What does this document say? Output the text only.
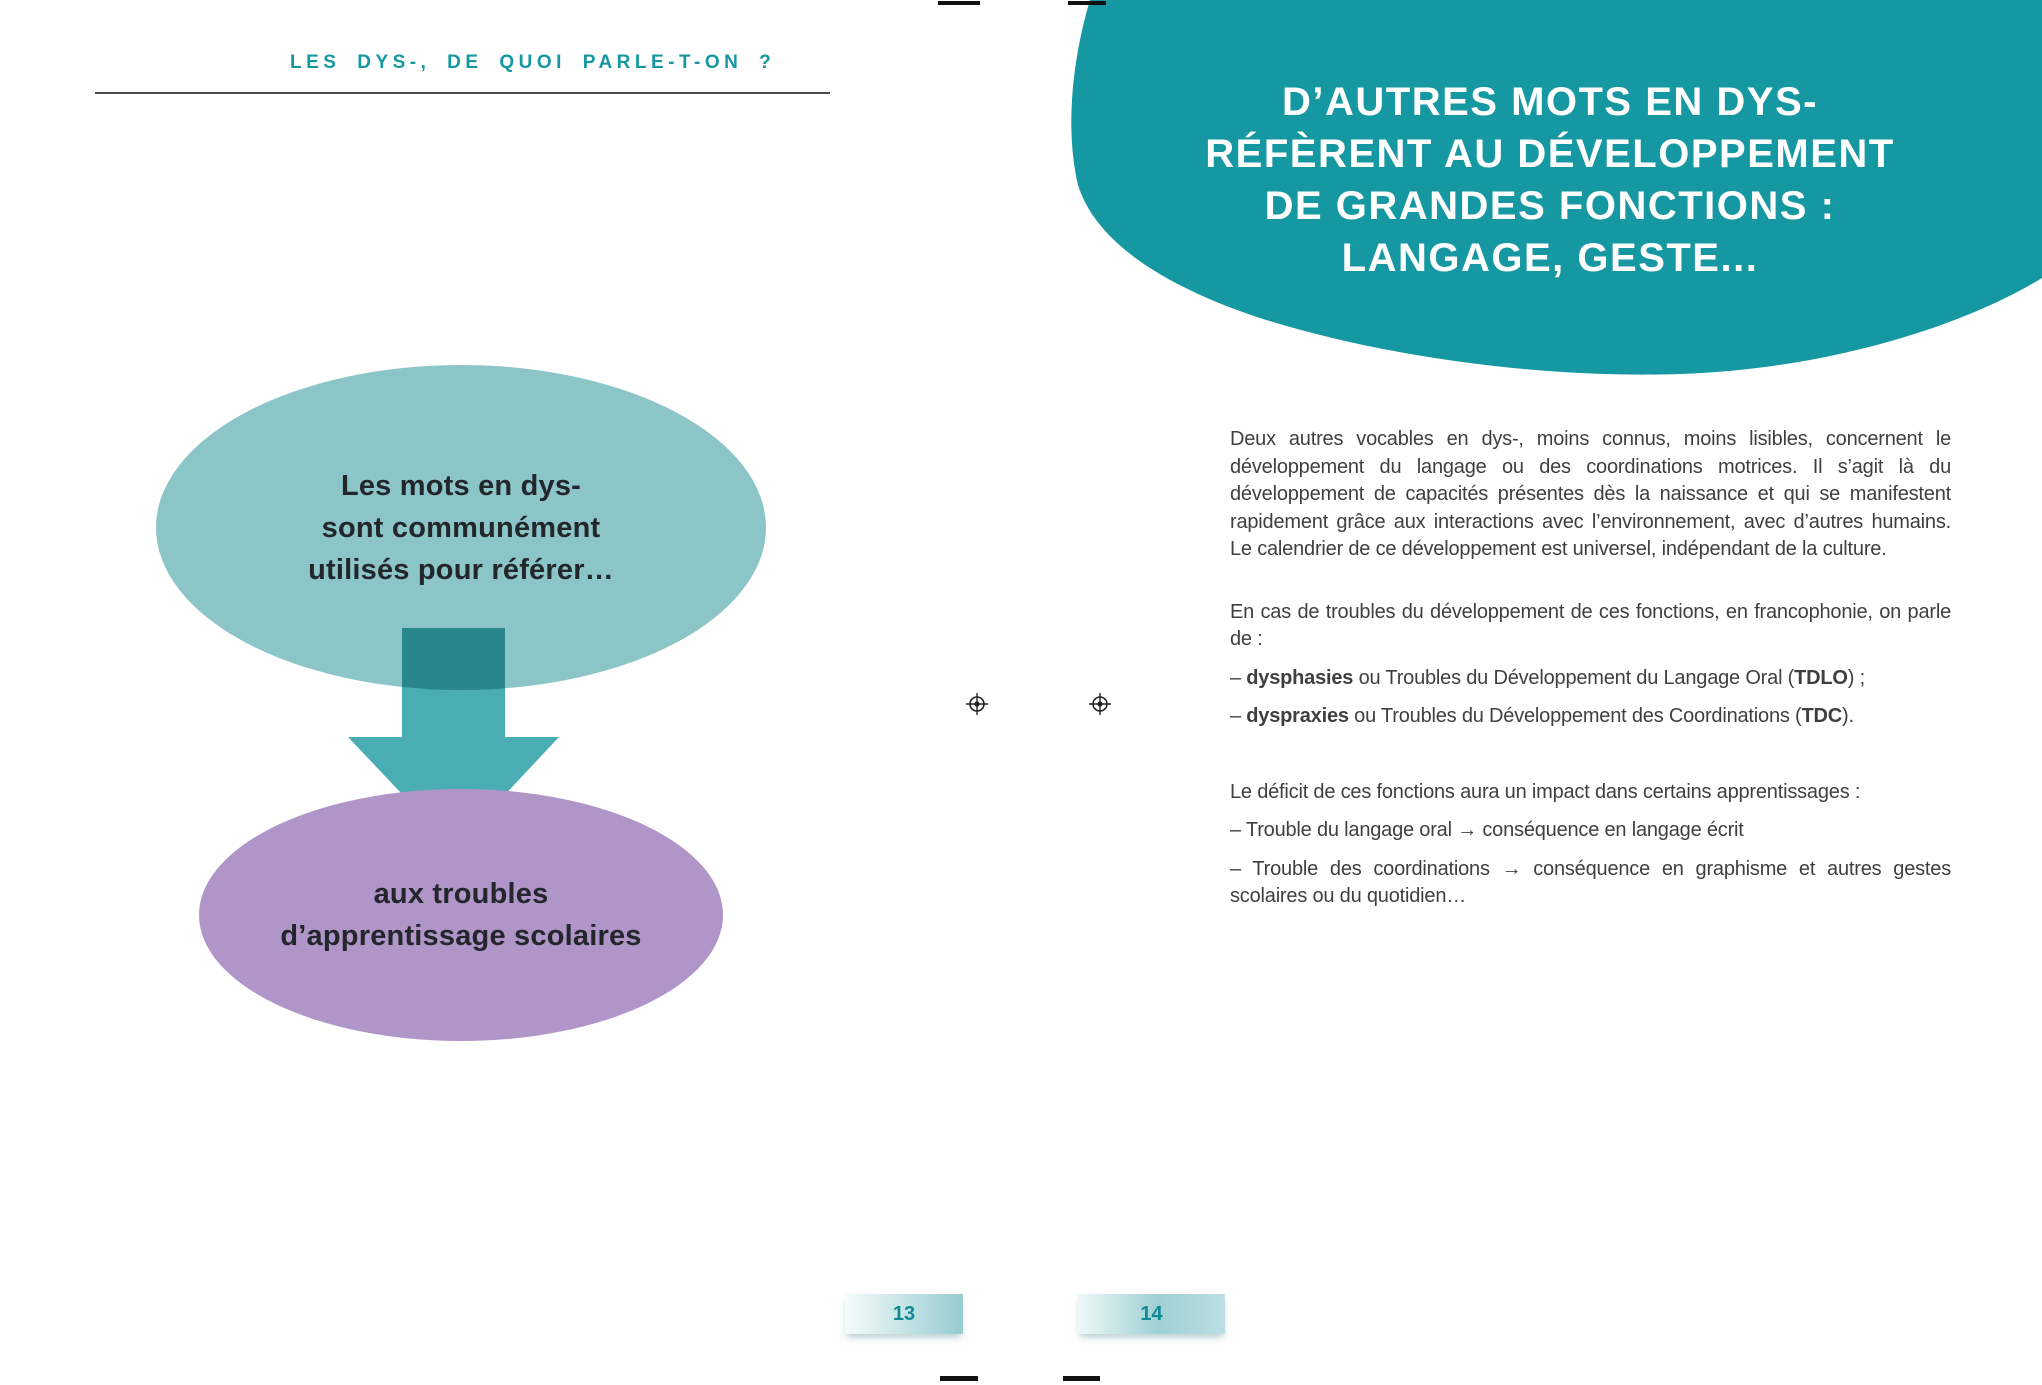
LES DYS-, DE QUOI PARLE-T-ON ?
Les mots en dys-
sont communément
utilisés pour référer…
aux troubles
d’apprentissage scolaires
D’AUTRES MOTS EN DYS-
RÉFÈRENT AU DÉVELOPPEMENT
DE GRANDES FONCTIONS :
LANGAGE, GESTE...

Deux autres vocables en dys-, moins connus, moins lisibles, concernent le développement du langage ou des coordinations motrices. Il s’agit là du développement de capacités présentes dès la naissance et qui se manifestent rapidement grâce aux interactions avec l’environnement, avec d’autres humains. Le calendrier de ce développement est universel, indépendant de la culture.

En cas de troubles du développement de ces fonctions, en francophonie, on parle de :

– dysphasies ou Troubles du Développement du Langage Oral (TDLO) ;

– dyspraxies ou Troubles du Développement des Coordinations (TDC).

Le déficit de ces fonctions aura un impact dans certains apprentissages :

– Trouble du langage oral → conséquence en langage écrit

– Trouble des coordinations → conséquence en graphisme et autres gestes scolaires ou du quotidien…

13	14
